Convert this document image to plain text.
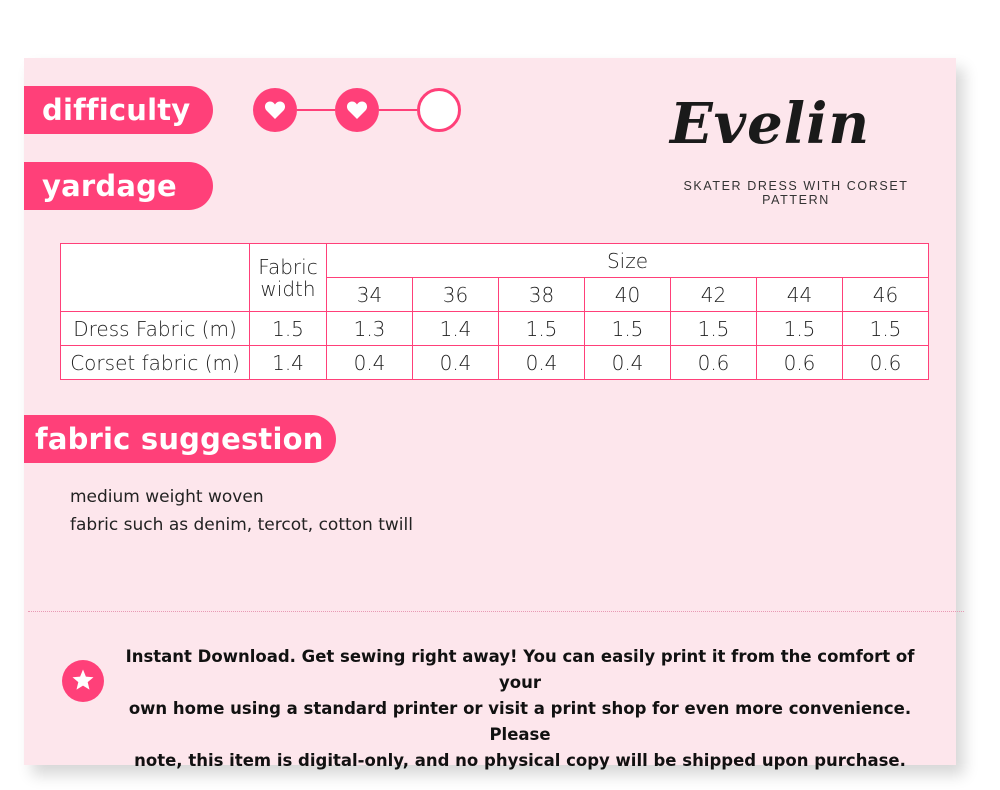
difficulty	Evelin
SKATER DRESS WITH CORSET PATTERN
yardage
	Fabric width	Size						
		34	36	38	40	42	44	46
Dress Fabric (m)	1.5	1.3	1.4	1.5	1.5	1.5	1.5	1.5
Corset fabric (m)	1.4	0.4	0.4	0.4	0.4	0.6	0.6	0.6
fabric suggestion
medium weight woven
fabric such as denim, tercot, cotton twill
Instant Download. Get sewing right away! You can easily print it from the comfort of your
own home using a standard printer or visit a print shop for even more convenience. Please
note, this item is digital-only, and no physical copy will be shipped upon purchase.
